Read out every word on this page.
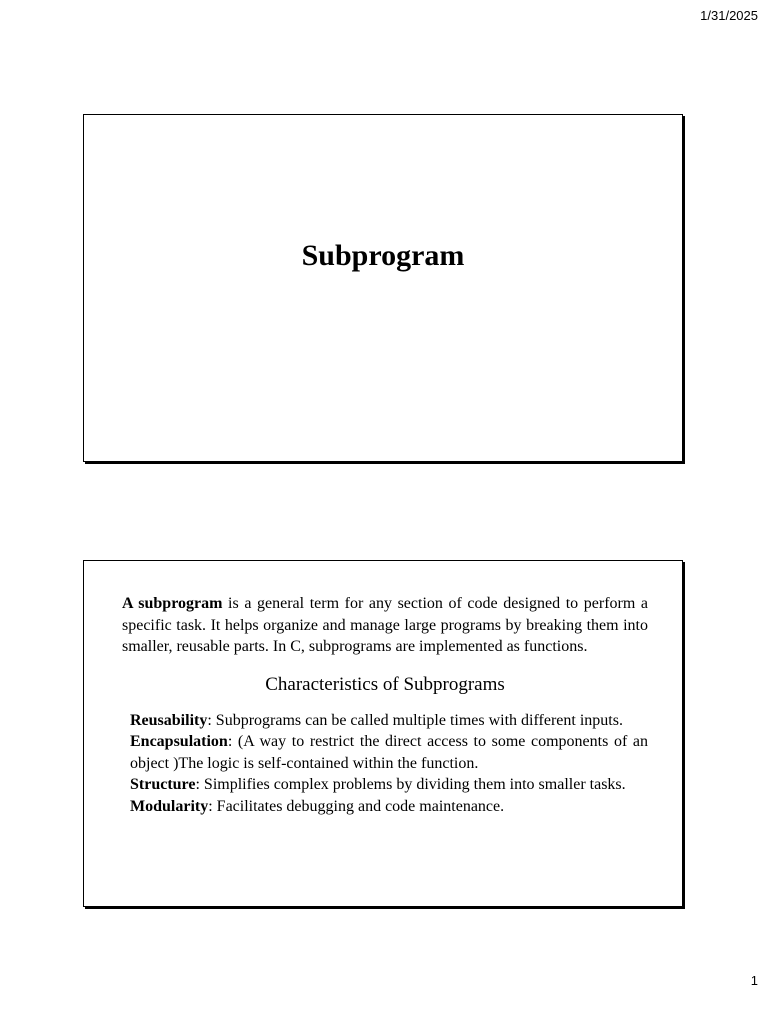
1/31/2025
Subprogram

A subprogram is a general term for any section of code designed to perform a specific task. It helps organize and manage large programs by breaking them into smaller, reusable parts. In C, subprograms are implemented as functions.

Characteristics of Subprograms
Reusability: Subprograms can be called multiple times with different inputs.
Encapsulation: (A way to restrict the direct access to some components of an object )The logic is self-contained within the function.
Structure: Simplifies complex problems by dividing them into smaller tasks.
Modularity: Facilitates debugging and code maintenance.
1
